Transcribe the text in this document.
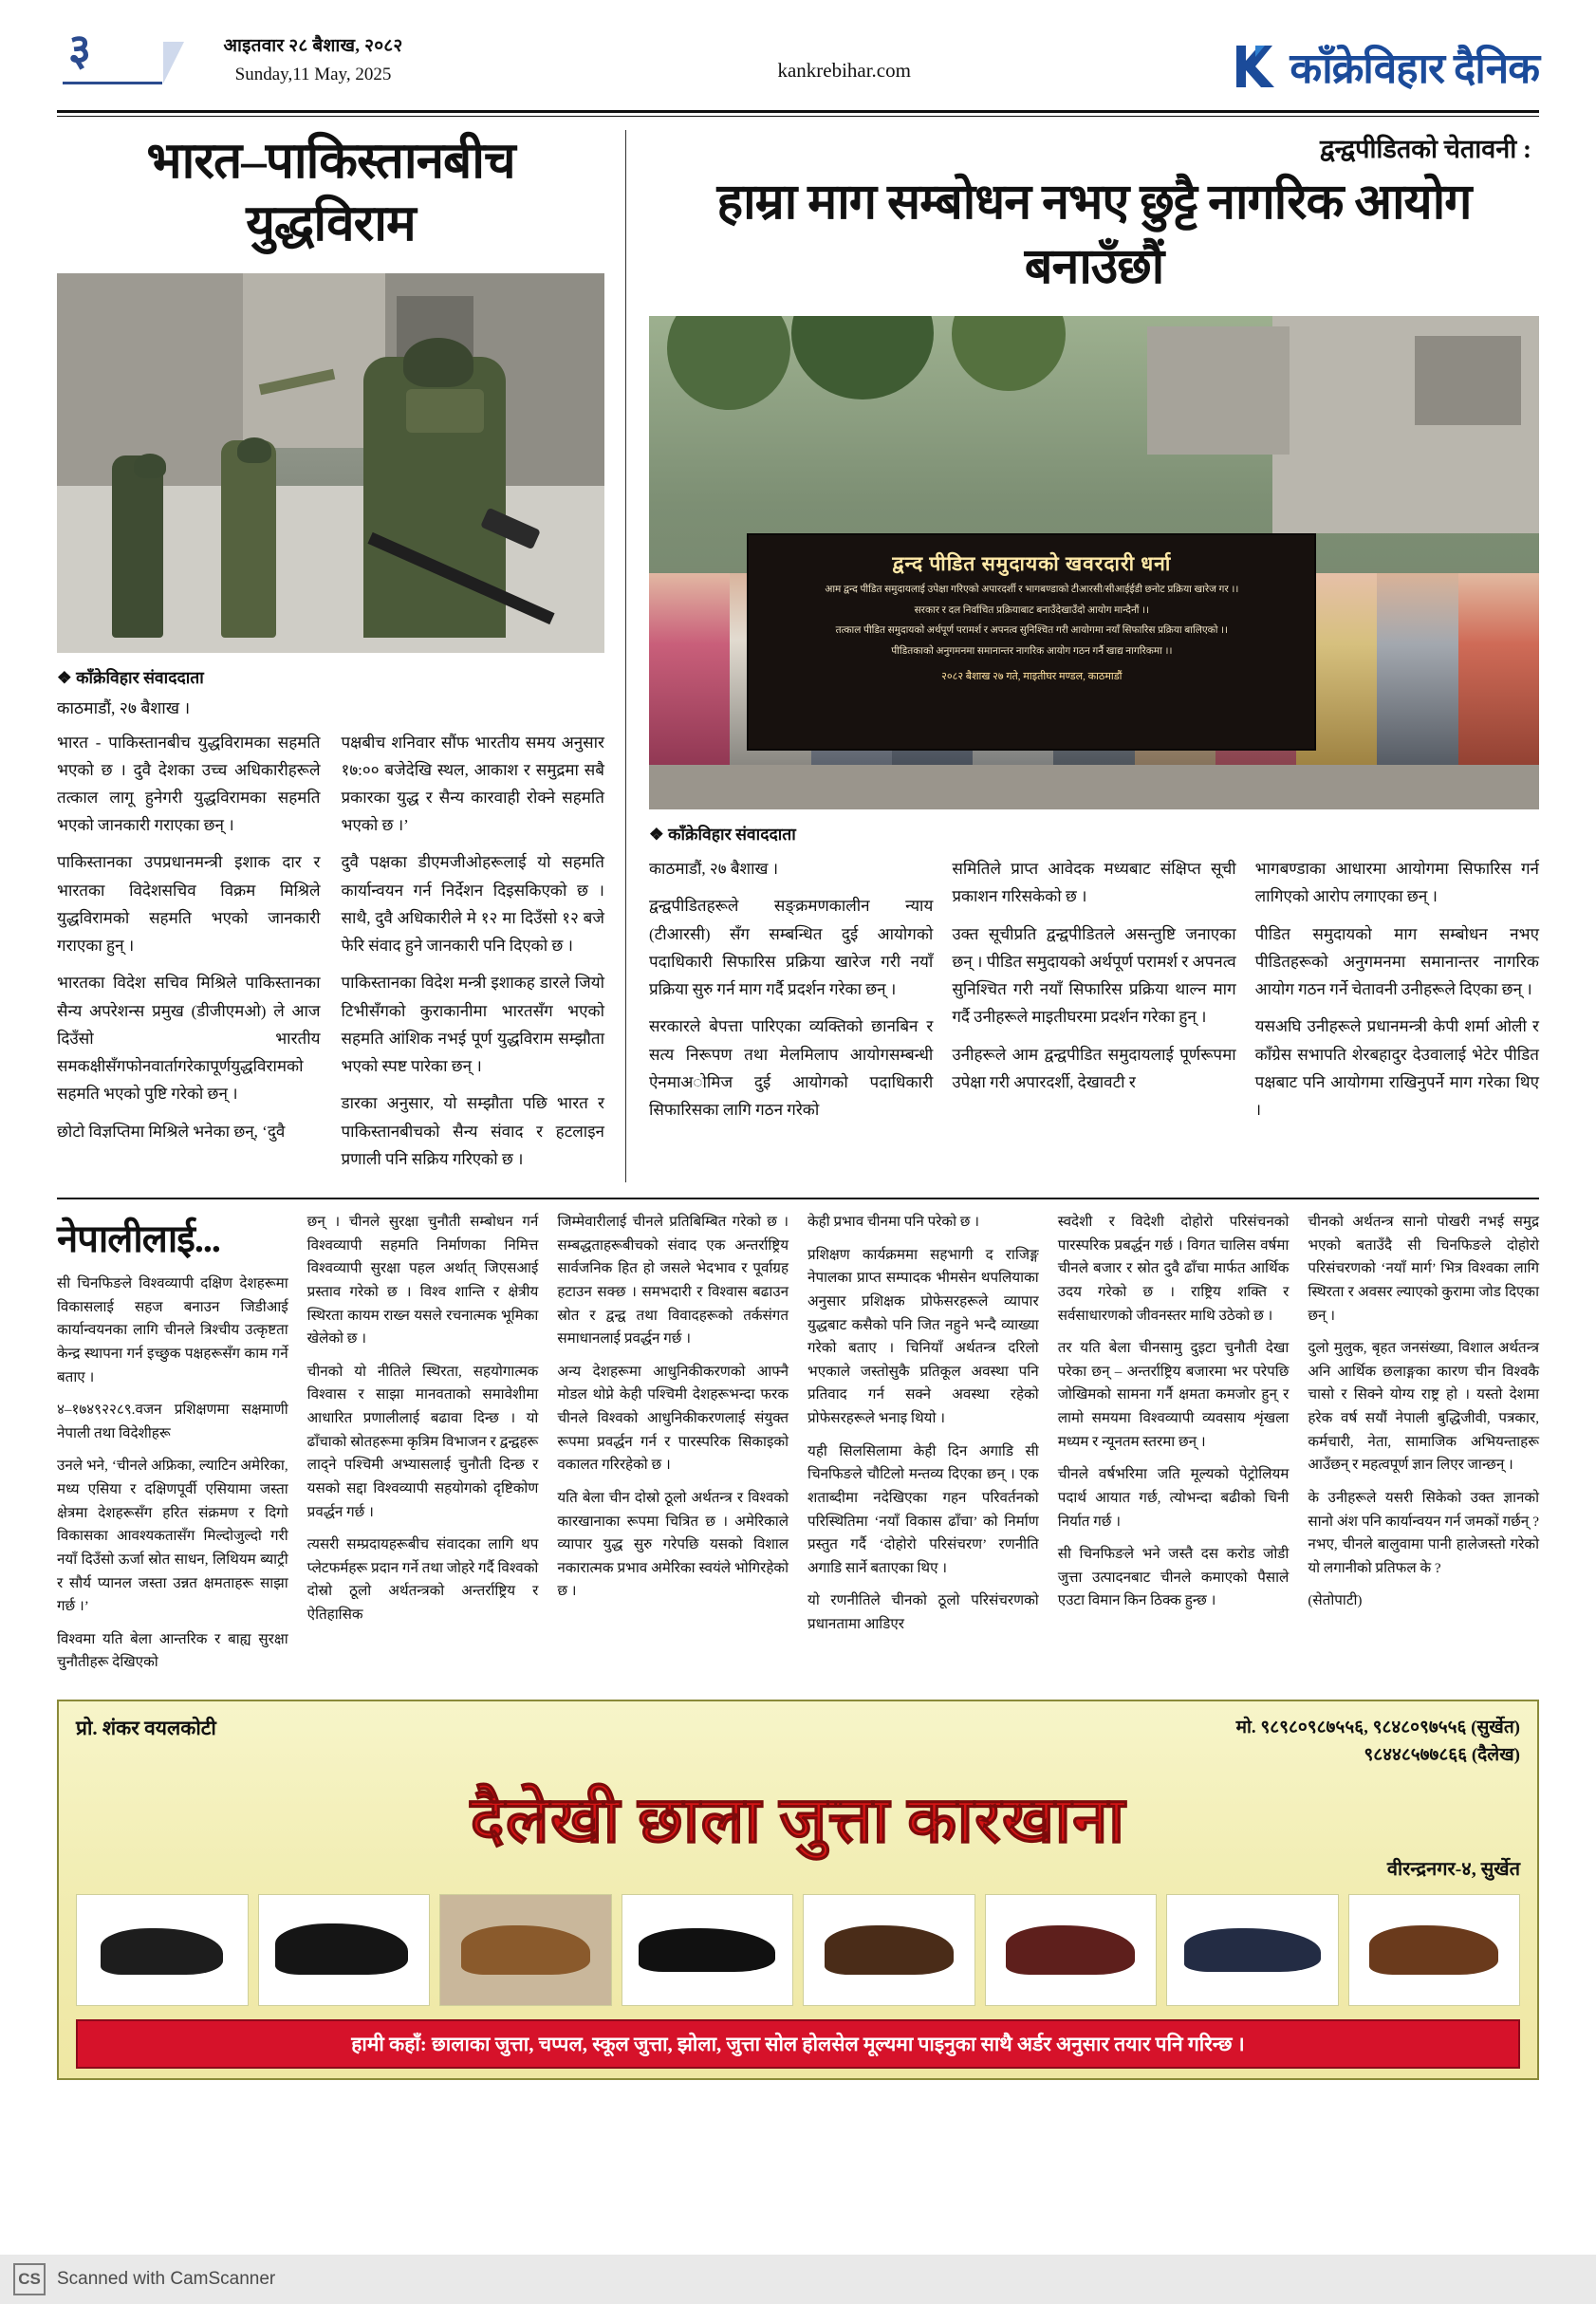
३	आइतवार २८ बैशाख, २०८२
Sunday,11 May, 2025	kankrebihar.com	काँक्रेविहार दैनिक
भारत–पाकिस्तानबीच युद्धविराम
❖ काँक्रेविहार संवाददाता
काठमाडौं, २७ बैशाख ।

भारत - पाकिस्तानबीच युद्धविरामका सहमति भएको छ । दुवै देशका उच्च अधिकारीहरूले तत्काल लागू हुनेगरी युद्धविरामका सहमति भएको जानकारी गराएका छन् ।

पाकिस्तानका उपप्रधानमन्त्री इशाक दार र भारतका विदेशसचिव विक्रम मिश्रिले युद्धविरामको सहमति भएको जानकारी गराएका हुन् ।

भारतका विदेश सचिव मिश्रिले पाकिस्तानका सैन्य अपरेशन्स प्रमुख (डीजीएमओ) ले आज दिउँसो भारतीय समकक्षीसँगफोनवार्तागरेकापूर्णयुद्धविरामको सहमति भएको पुष्टि गरेको छन् ।

छोटो विज्ञप्तिमा मिश्रिले भनेका छन्, ‘दुवै

पक्षबीच शनिवार सौंफ भारतीय समय अनुसार १७:०० बजेदेखि स्थल, आकाश र समुद्रमा सबै प्रकारका युद्ध र सैन्य कारवाही रोक्ने सहमति भएको छ ।’

दुवै पक्षका डीएमजीओहरूलाई यो सहमति कार्यान्वयन गर्न निर्देशन दिइसकिएको छ । साथै, दुवै अधिकारीले मे १२ मा दिउँसो १२ बजे फेरि संवाद हुने जानकारी पनि दिएको छ ।

पाकिस्तानका विदेश मन्त्री इशाकह डारले जियो टिभीसँगको कुराकानीमा भारतसँग भएको सहमति आंशिक नभई पूर्ण युद्धविराम सम्झौता भएको स्पष्ट पारेका छन् ।

डारका अनुसार, यो सम्झौता पछि भारत र पाकिस्तानबीचको सैन्य संवाद र हटलाइन प्रणाली पनि सक्रिय गरिएको छ ।

द्वन्द्वपीडितको चेतावनी :
हाम्रा माग सम्बोधन नभए छुट्टै नागरिक आयोग बनाउँछौं
द्वन्द पीडित समुदायको खवरदारी धर्ना
आम द्वन्द पीडित समुदायलाई उपेक्षा गरिएको अपारदर्शी र भागबण्डाको टीआरसी/सीआईईडी छनोट प्रक्रिया खारेज गर ।।
सरकार र दल निर्वाचित प्रक्रियाबाट बनाउँदेखाउँदो आयोग मान्दैनौं ।।
तत्काल पीडित समुदायको अर्थपूर्ण परामर्श र अपनत्व सुनिश्चित गरी आयोगमा नयाँ सिफारिस प्रक्रिया बालिएको ।।
पीडितकाको अनुगमनमा समानान्तर नागरिक आयोग गठन गर्नै खाद्य नागरिकमा ।।
२०८२ बैशाख २७ गते, माइतीघर मण्डल, काठमाडौं
❖ काँक्रेविहार संवाददाता

काठमाडौं, २७ बैशाख ।

द्वन्द्वपीडितहरूले सङ्क्रमणकालीन न्याय (टीआरसी) सँग सम्बन्धित दुई आयोगको पदाधिकारी सिफारिस प्रक्रिया खारेज गरी नयाँ प्रक्रिया सुरु गर्न माग गर्दै प्रदर्शन गरेका छन् ।

सरकारले बेपत्ता पारिएका व्यक्तिको छानबिन र सत्य निरूपण तथा मेलमिलाप आयोगसम्बन्धी ऐनमाअोमिज दुई आयोगको पदाधिकारी सिफारिसका लागि गठन गरेको

समितिले प्राप्त आवेदक मध्यबाट संक्षिप्त सूची प्रकाशन गरिसकेको छ ।

उक्त सूचीप्रति द्वन्द्वपीडितले असन्तुष्टि जनाएका छन् । पीडित समुदायको अर्थपूर्ण परामर्श र अपनत्व सुनिश्चित गरी नयाँ सिफारिस प्रक्रिया थाल्न माग गर्दै उनीहरूले माइतीघरमा प्रदर्शन गरेका हुन् ।

उनीहरूले आम द्वन्द्वपीडित समुदायलाई पूर्णरूपमा उपेक्षा गरी अपारदर्शी, देखावटी र

भागबण्डाका आधारमा आयोगमा सिफारिस गर्न लागिएको आरोप लगाएका छन् ।

पीडित समुदायको माग सम्बोधन नभए पीडितहरूको अनुगमनमा समानान्तर नागरिक आयोग गठन गर्ने चेतावनी उनीहरूले दिएका छन् ।

यसअघि उनीहरूले प्रधानमन्त्री केपी शर्मा ओली र काँग्रेस सभापति शेरबहादुर देउवालाई भेटेर पीडित पक्षबाट पनि आयोगमा राखिनुपर्ने माग गरेका थिए ।

नेपालीलाई...

सी चिनफिङले विश्वव्यापी दक्षिण देशहरूमा विकासलाई सहज बनाउन जिडीआई कार्यान्वयनका लागि चीनले त्रिश्चीय उत्कृष्टता केन्द्र स्थापना गर्न इच्छुक पक्षहरूसँग काम गर्ने बताए ।

४–१७४९२२८९.वजन प्रशिक्षणमा सक्षमाणी नेपाली तथा विदेशीहरू

उनले भने, ‘चीनले अफ्रिका, ल्याटिन अमेरिका, मध्य एसिया र दक्षिणपूर्वी एसियामा जस्ता क्षेत्रमा देशहरूसँग हरित संक्रमण र दिगो विकासका आवश्यकतासँग मिल्दोजुल्दो गरी नयाँ दिउँसो ऊर्जा स्रोत साधन, लिथियम ब्याट्री र सौर्य प्यानल जस्ता उन्नत क्षमताहरू साझा गर्छ ।’

विश्वमा यति बेला आन्तरिक र बाह्य सुरक्षा चुनौतीहरू देखिएको

छन् । चीनले सुरक्षा चुनौती सम्बोधन गर्न विश्वव्यापी सहमति निर्माणका निमित्त विश्वव्यापी सुरक्षा पहल अर्थात् जिएसआई प्रस्ताव गरेको छ । विश्व शान्ति र क्षेत्रीय स्थिरता कायम राख्न यसले रचनात्मक भूमिका खेलेको छ ।

चीनको यो नीतिले स्थिरता, सहयोगात्मक विश्वास र साझा मानवताको समावेशीमा आधारित प्रणालीलाई बढावा दिन्छ । यो ढाँचाको स्रोतहरूमा कृत्रिम विभाजन र द्वन्द्वहरू लाद्ने पश्चिमी अभ्यासलाई चुनौती दिन्छ र यसको सद्दा विश्वव्यापी सहयोगको दृष्टिकोण प्रवर्द्धन गर्छ ।

त्यसरी सम्प्रदायहरूबीच संवादका लागि थप प्लेटफर्महरू प्रदान गर्ने तथा जोहरे गर्दै विश्वको दोस्रो ठूलो अर्थतन्त्रको अन्तर्राष्ट्रिय र ऐतिहासिक

जिम्मेवारीलाई चीनले प्रतिबिम्बित गरेको छ । सम्बद्धताहरूबीचको संवाद एक अन्तर्राष्ट्रिय सार्वजनिक हित हो जसले भेदभाव र पूर्वाग्रह हटाउन सक्छ । समभदारी र विश्वास बढाउन स्रोत र द्वन्द्व तथा विवादहरूको तर्कसंगत समाधानलाई प्रवर्द्धन गर्छ ।

अन्य देशहरूमा आधुनिकीकरणको आफ्नै मोडल थोप्ने केही पश्चिमी देशहरूभन्दा फरक चीनले विश्वको आधुनिकीकरणलाई संयुक्त रूपमा प्रवर्द्धन गर्न र पारस्परिक सिकाइको वकालत गरिरहेको छ ।

यति बेला चीन दोस्रो ठूलो अर्थतन्त्र र विश्वको कारखानाका रूपमा चित्रित छ । अमेरिकाले व्यापार युद्ध सुरु गरेपछि यसको विशाल नकारात्मक प्रभाव अमेरिका स्वयंले भोगिरहेको छ ।

केही प्रभाव चीनमा पनि परेको छ ।

प्रशिक्षण कार्यक्रममा सहभागी द राजिङ्ग नेपालका प्राप्त सम्पादक भीमसेन थपलियाका अनुसार प्रशिक्षक प्रोफेसरहरूले व्यापार युद्धबाट कसैको पनि जित नहुने भन्दै व्याख्या गरेको बताए । चिनियाँ अर्थतन्त्र दरिलो भएकाले जस्तोसुकै प्रतिकूल अवस्था पनि प्रतिवाद गर्न सक्ने अवस्था रहेको प्रोफेसरहरूले भनाइ थियो ।

यही सिलसिलामा केही दिन अगाडि सी चिनफिङले चौटिलो मन्तव्य दिएका छन् । एक शताब्दीमा नदेखिएका गहन परिवर्तनको परिस्थितिमा ‘नयाँ विकास ढाँचा’ को निर्माण प्रस्तुत गर्दै ‘दोहोरो परिसंचरण’ रणनीति अगाडि सार्ने बताएका थिए ।

यो रणनीतिले चीनको ठूलो परिसंचरणको प्रधानतामा आडिएर

स्वदेशी र विदेशी दोहोरो परिसंचनको पारस्परिक प्रबर्द्धन गर्छ । विगत चालिस वर्षमा चीनले बजार र स्रोत दुवै ढाँचा मार्फत आर्थिक उदय गरेको छ । राष्ट्रिय शक्ति र सर्वसाधारणको जीवनस्तर माथि उठेको छ ।

तर यति बेला चीनसामु दुइटा चुनौती देखा परेका छन् – अन्तर्राष्ट्रिय बजारमा भर परेपछि जोखिमको सामना गर्नै क्षमता कमजोर हुन् र लामो समयमा विश्वव्यापी व्यवसाय शृंखला मध्यम र न्यूनतम स्तरमा छन् ।

चीनले वर्षभरिमा जति मूल्यको पेट्रोलियम पदार्थ आयात गर्छ, त्योभन्दा बढीको चिनी निर्यात गर्छ ।

सी चिनफिङले भने जस्तै दस करोड जोडी जुत्ता उत्पादनबाट चीनले कमाएको पैसाले एउटा विमान किन ठिक्क हुन्छ ।

चीनको अर्थतन्त्र सानो पोखरी नभई समुद्र भएको बताउँदै सी चिनफिङले दोहोरो परिसंचरणको ‘नयाँ मार्ग’ भित्र विश्वका लागि स्थिरता र अवसर ल्याएको कुरामा जोड दिएका छन् ।

दुलो मुलुक, बृहत जनसंख्या, विशाल अर्थतन्त्र अनि आर्थिक छलाङ्गका कारण चीन विश्वकै चासो र सिक्ने योग्य राष्ट्र हो । यस्तो देशमा हरेक वर्ष सयौं नेपाली बुद्धिजीवी, पत्रकार, कर्मचारी, नेता, सामाजिक अभियन्ताहरू आउँछन् र महत्वपूर्ण ज्ञान लिएर जान्छन् ।

के उनीहरूले यसरी सिकेको उक्त ज्ञानको सानो अंश पनि कार्यान्वयन गर्न जमकों गर्छन् ? नभए, चीनले बालुवामा पानी हालेजस्तो गरेको यो लगानीको प्रतिफल के ?

(सेतोपाटी)

प्रो. शंकर वयलकोटी	मो. ९८९८०९८७५५६, ९८४८०९७५५६ (सुर्खेत)
९८४४८५७७८६६ (दैलेख)
दैलेखी छाला जुत्ता कारखाना
वीरन्द्रनगर-४, सुर्खेत
हामी कहाँ: छालाका जुत्ता, चप्पल, स्कूल जुत्ता, झोला, जुत्ता सोल होलसेल मूल्यमा पाइनुका साथै अर्डर अनुसार तयार पनि गरिन्छ ।
CS Scanned with CamScanner
